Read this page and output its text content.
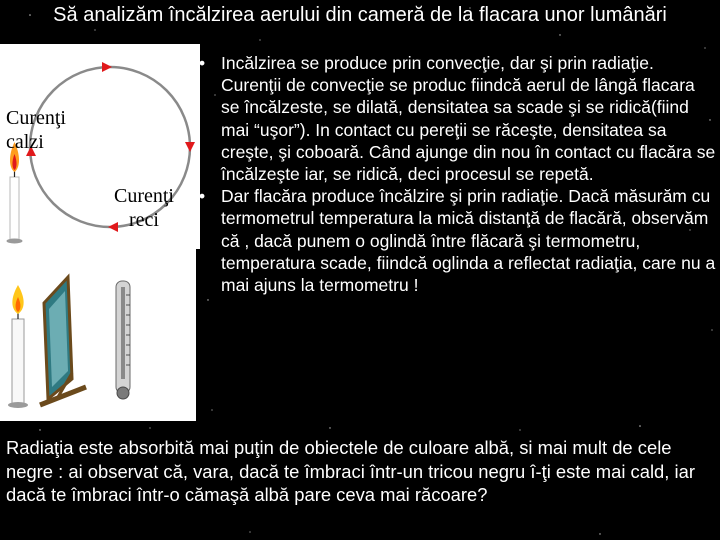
Să analizăm încălzirea aerului din cameră de la flacara unor lumânări
Curenţi
calzi
Curenţi
reci

• Incălzirea se produce prin convecţie, dar şi prin radiaţie. Curenţii de convecţie se produc fiindcă aerul de lângă flacara se încălzeste, se dilată, densitatea sa scade şi se ridică(fiind mai “uşor”). In contact cu pereţii se răceşte, densitatea sa creşte, şi coboară. Când ajunge din nou în contact cu flacăra se încălzeşte iar, se ridică, deci procesul se repetă.

• Dar flacăra produce încălzire şi prin radiaţie. Dacă măsurăm cu termometrul temperatura la mică distanţă de flacără, observăm că , dacă punem o oglindă între flăcară şi termometru, temperatura scade, fiindcă oglinda a reflectat radiaţia, care nu a mai ajuns la termometru !

Radiaţia este absorbită mai puţin de obiectele de culoare albă, si mai mult de cele negre : ai observat că, vara, dacă te îmbraci într-un tricou negru î-ţi este mai cald, iar dacă te îmbraci într-o cămaşă albă pare ceva mai răcoare?
